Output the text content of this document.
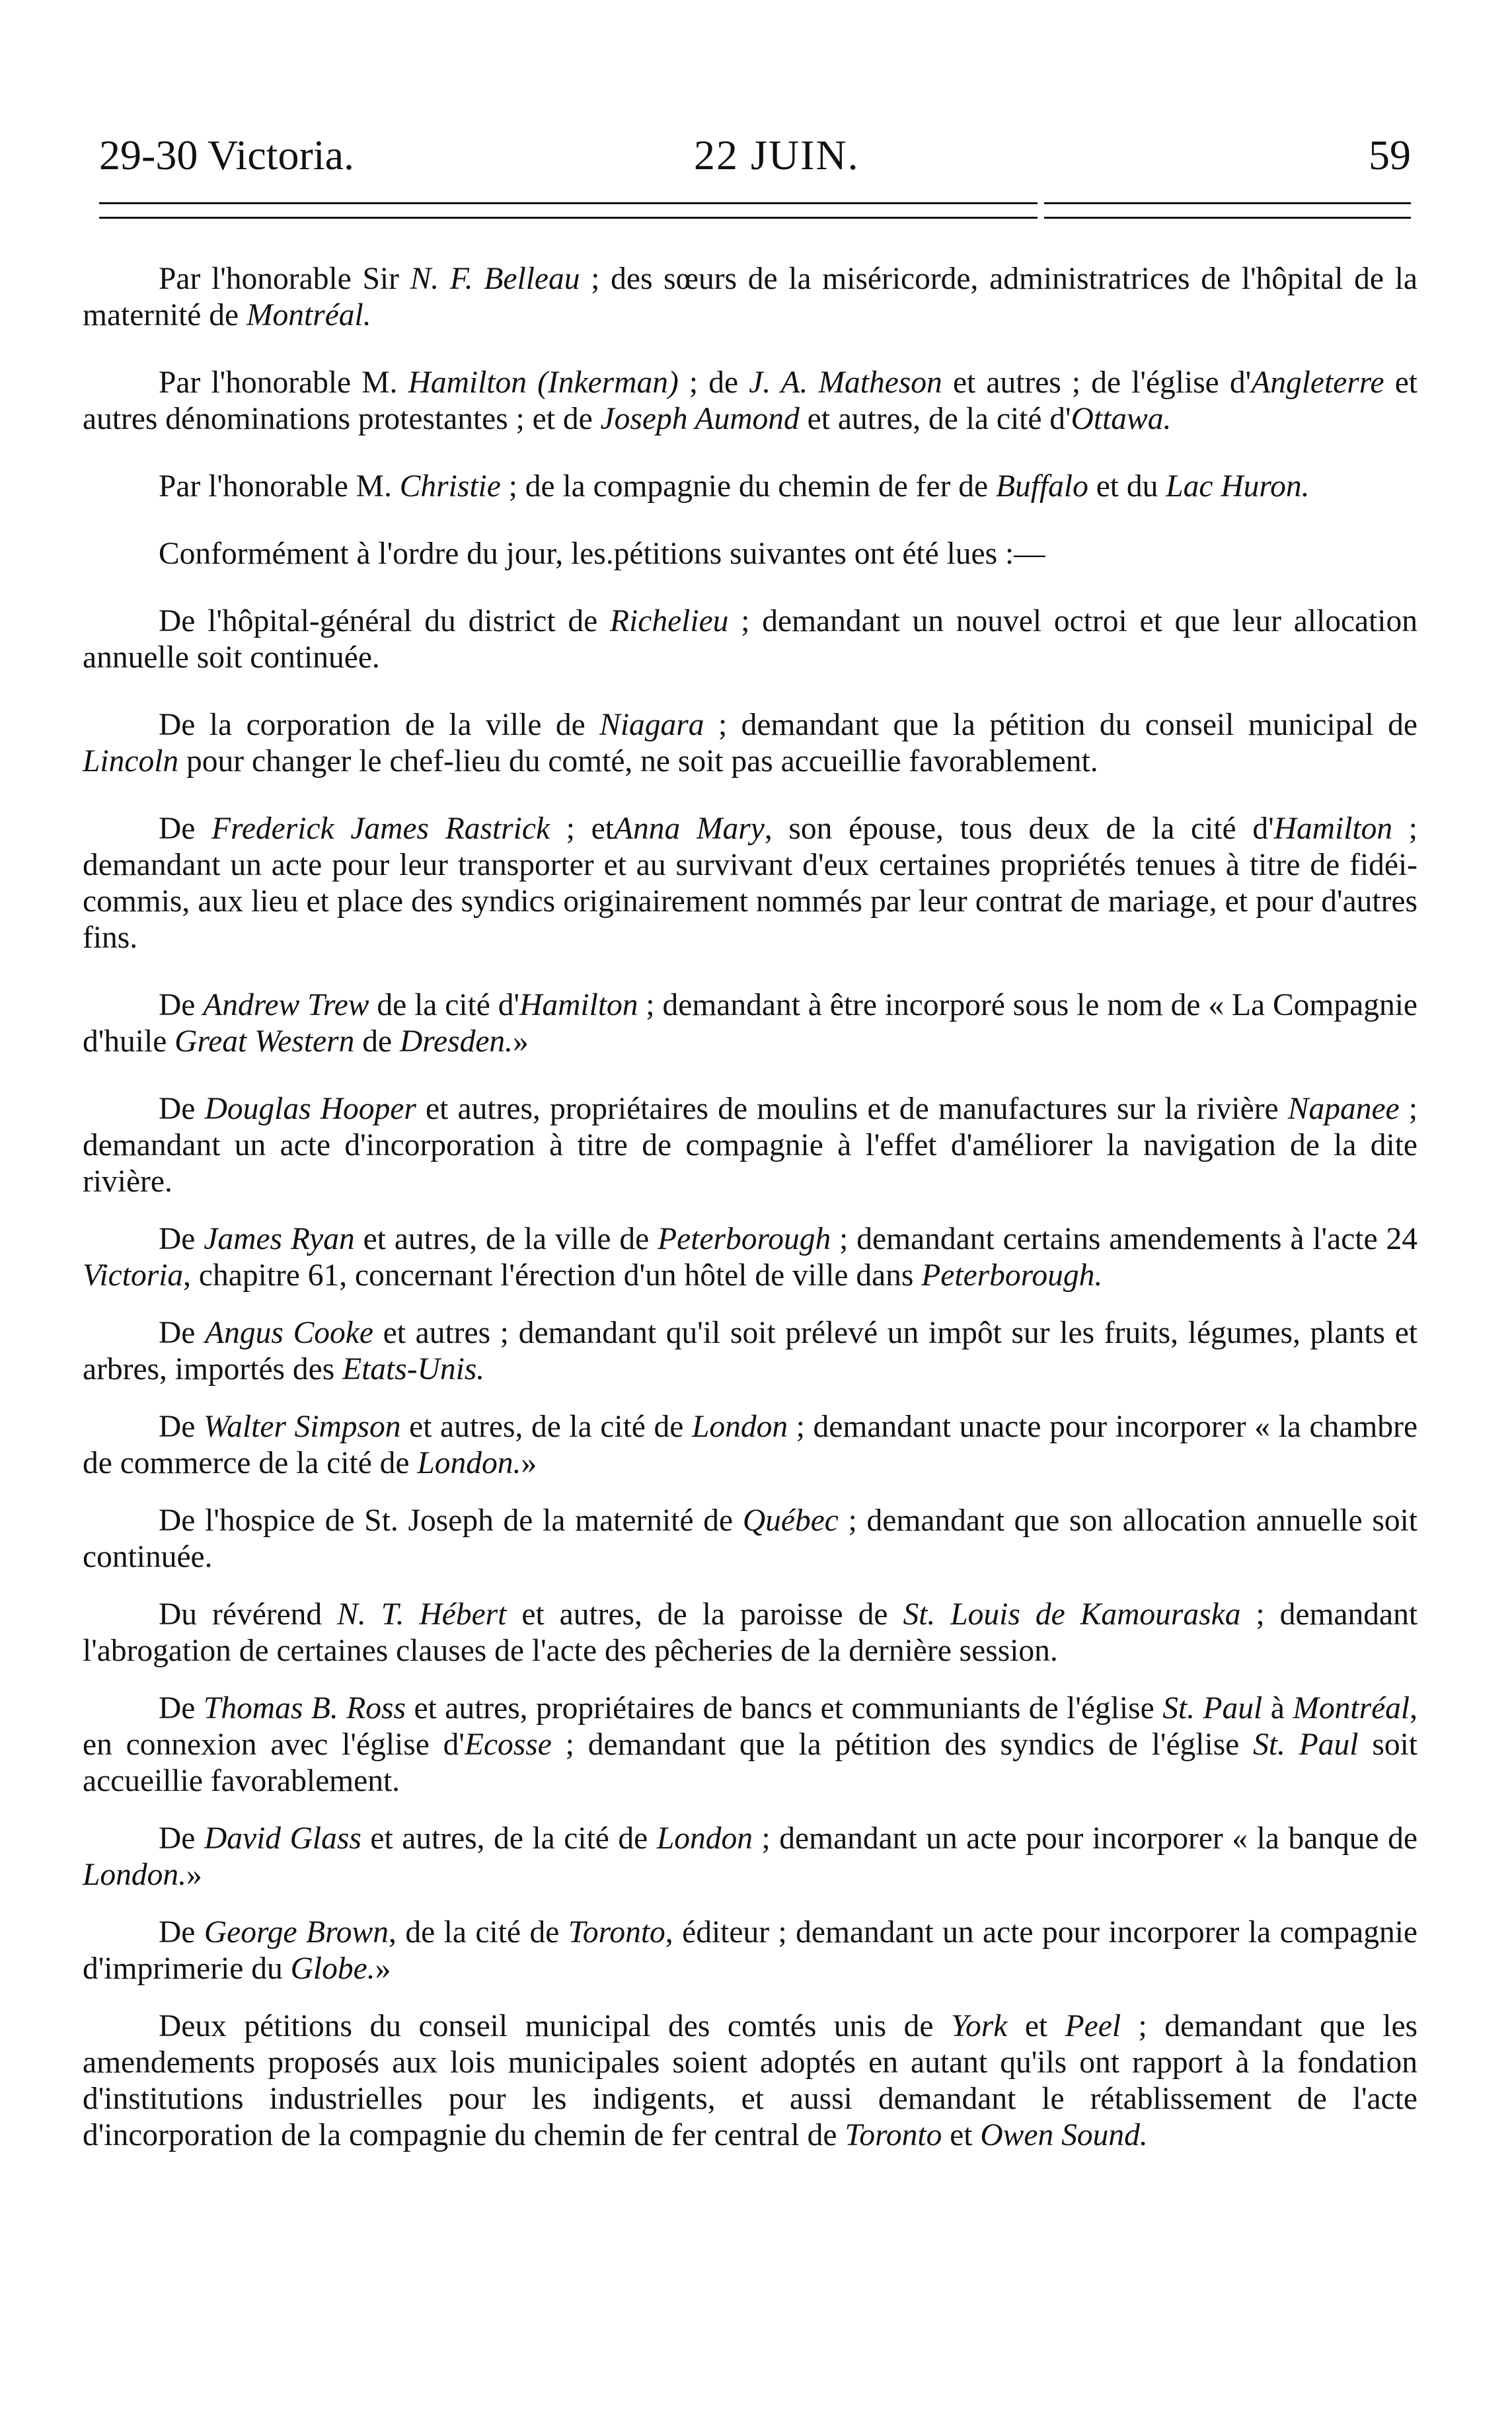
29-30 Victoria.	22 JUIN.	59

Par l'honorable Sir N. F. Belleau ; des sœurs de la miséricorde, administratrices de l'hôpital de la maternité de Montréal.

Par l'honorable M. Hamilton (Inkerman) ; de J. A. Matheson et autres ; de l'église d'Angleterre et autres dénominations protestantes ; et de Joseph Aumond et autres, de la cité d'Ottawa.

Par l'honorable M. Christie ; de la compagnie du chemin de fer de Buffalo et du Lac Huron.

Conformément à l'ordre du jour, les.pétitions suivantes ont été lues :—

De l'hôpital-général du district de Richelieu ; demandant un nouvel octroi et que leur allocation annuelle soit continuée.

De la corporation de la ville de Niagara ; demandant que la pétition du conseil municipal de Lincoln pour changer le chef-lieu du comté, ne soit pas accueillie favorablement.

De Frederick James Rastrick ; etAnna Mary, son épouse, tous deux de la cité d'Hamilton ; demandant un acte pour leur transporter et au survivant d'eux certaines propriétés tenues à titre de fidéi-commis, aux lieu et place des syndics originairement nommés par leur contrat de mariage, et pour d'autres fins.

De Andrew Trew de la cité d'Hamilton ; demandant à être incorporé sous le nom de « La Compagnie d'huile Great Western de Dresden.»

De Douglas Hooper et autres, propriétaires de moulins et de manufactures sur la rivière Napanee ; demandant un acte d'incorporation à titre de compagnie à l'effet d'améliorer la navigation de la dite rivière.

De James Ryan et autres, de la ville de Peterborough ; demandant certains amendements à l'acte 24 Victoria, chapitre 61, concernant l'érection d'un hôtel de ville dans Peterborough.

De Angus Cooke et autres ; demandant qu'il soit prélevé un impôt sur les fruits, légumes, plants et arbres, importés des Etats-Unis.

De Walter Simpson et autres, de la cité de London ; demandant unacte pour incorporer « la chambre de commerce de la cité de London.»

De l'hospice de St. Joseph de la maternité de Québec ; demandant que son allocation annuelle soit continuée.

Du révérend N. T. Hébert et autres, de la paroisse de St. Louis de Kamouraska ; demandant l'abrogation de certaines clauses de l'acte des pêcheries de la dernière session.

De Thomas B. Ross et autres, propriétaires de bancs et communiants de l'église St. Paul à Montréal, en connexion avec l'église d'Ecosse ; demandant que la pétition des syndics de l'église St. Paul soit accueillie favorablement.

De David Glass et autres, de la cité de London ; demandant un acte pour incorporer « la banque de London.»

De George Brown, de la cité de Toronto, éditeur ; demandant un acte pour incorporer la compagnie d'imprimerie du Globe.»

Deux pétitions du conseil municipal des comtés unis de York et Peel ; demandant que les amendements proposés aux lois municipales soient adoptés en autant qu'ils ont rapport à la fondation d'institutions industrielles pour les indigents, et aussi demandant le rétablissement de l'acte d'incorporation de la compagnie du chemin de fer central de Toronto et Owen Sound.
